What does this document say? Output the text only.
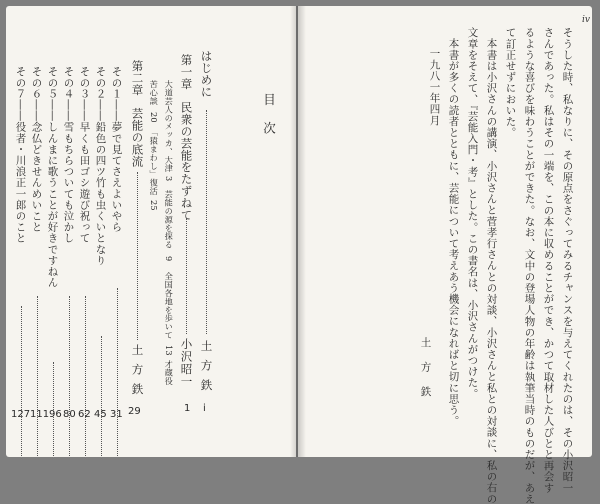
iv
そうした時、私なりに、その原点をさぐってみるチャンスを与えてくれたのは、その小沢昭一
さんであった。私はその一端を、この本に収めることができ、かつて取材した人びとと再会す
るような喜びを味わうことができた。なお、文中の登場人物の年齢は執筆当時のものだが、あえ
て訂正せずにおいた。
本書は小沢さんの講演、小沢さんと菅孝行さんとの対談、小沢さんと私との対談に、私の右の
文章をそえて、『芸能入門・考』とした。この書名は、小沢さんがつけた。
本書が多くの読者とともに、芸能について考えあう機会になればと切に思う。
一九八一年四月
土方鉄
目次
はじめに
土方鉄
i
第一章　民衆の芸能をたずねて
小沢昭一
1
大道芸人のメッカ、大津
3
芸能の源を探る
9
全国各地を歩いて
13
才蔵役
苦心談
20
「猿まわし」復活
25
第二章　芸能の底流
土方鉄
29
その１――夢で見てさえよいやら
その２――鉛色の四ツ竹も虫くいとなり
その３――早くも田ゴシ遊び祝って
その４――雪もちらついても泣かし
その５――しんまに歌うことが好きですねん
その６――念仏どきせんめいこと
その７――役者・川浪正一郎のこと
127 111 96 80 62 45 31
